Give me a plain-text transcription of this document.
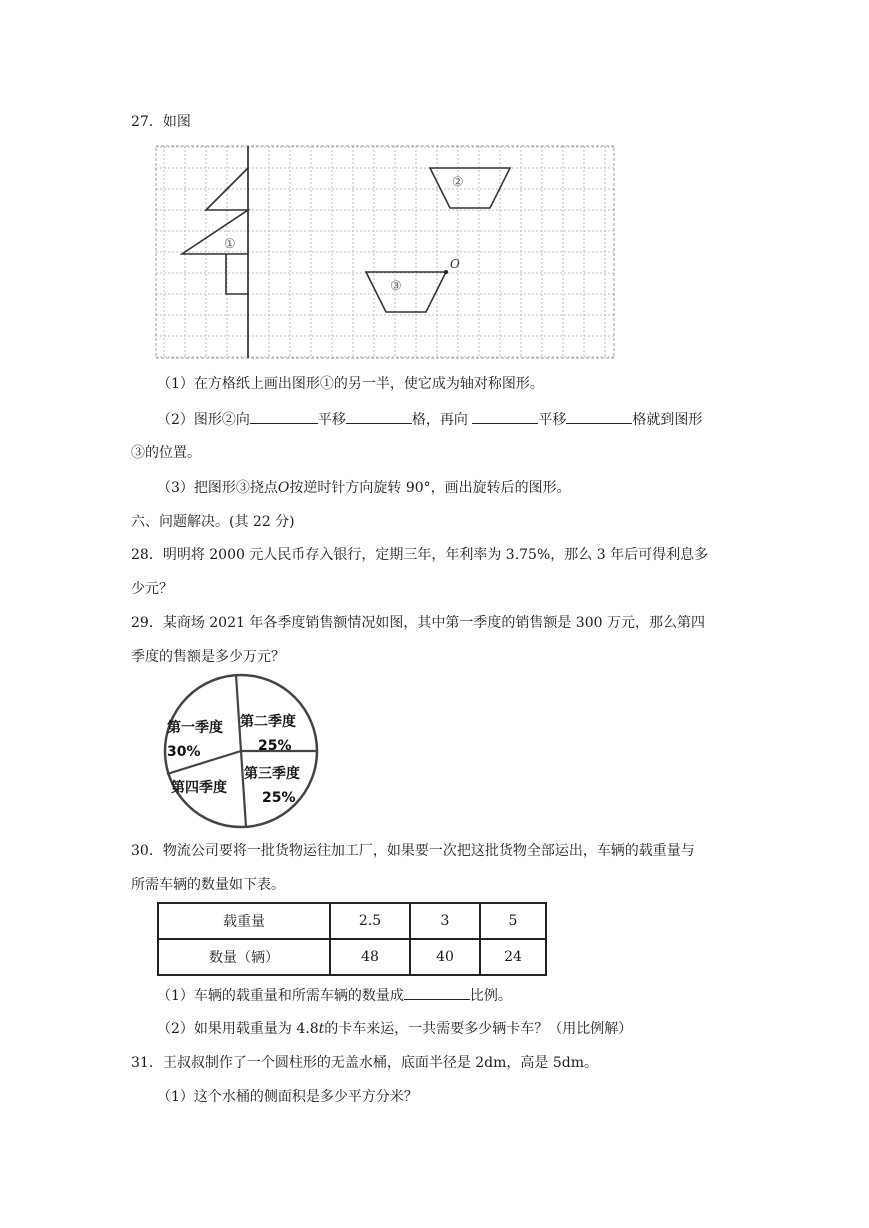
27．如图
①
②
③
O
（1）在方格纸上画出图形①的另一半，使它成为轴对称图形。
（2）图形②向	平移	格，再向	平移	格就到图形
③的位置。
（3）把图形③挠点O按逆时针方向旋转 90°，画出旋转后的图形。
六、问题解决。(其 22 分)
28．明明将 2000 元人民币存入银行，定期三年，年利率为 3.75%，那么 3 年后可得利息多
少元？
29．某商场 2021 年各季度销售额情况如图，其中第一季度的销售额是 300 万元，那么第四
季度的售额是多少万元？
第一季度
30%
第二季度
25%
第三季度
25%
第四季度
30．物流公司要将一批货物运往加工厂，如果要一次把这批货物全部运出，车辆的载重量与
所需车辆的数量如下表。
载重量	2.5	3	5
数量（辆）	48	40	24
（1）车辆的载重量和所需车辆的数量成	比例。
（2）如果用载重量为 4.8t的卡车来运，一共需要多少辆卡车？（用比例解）
31．王叔叔制作了一个圆柱形的无盖水桶，底面半径是 2dm，高是 5dm。
（1）这个水桶的侧面积是多少平方分米？
